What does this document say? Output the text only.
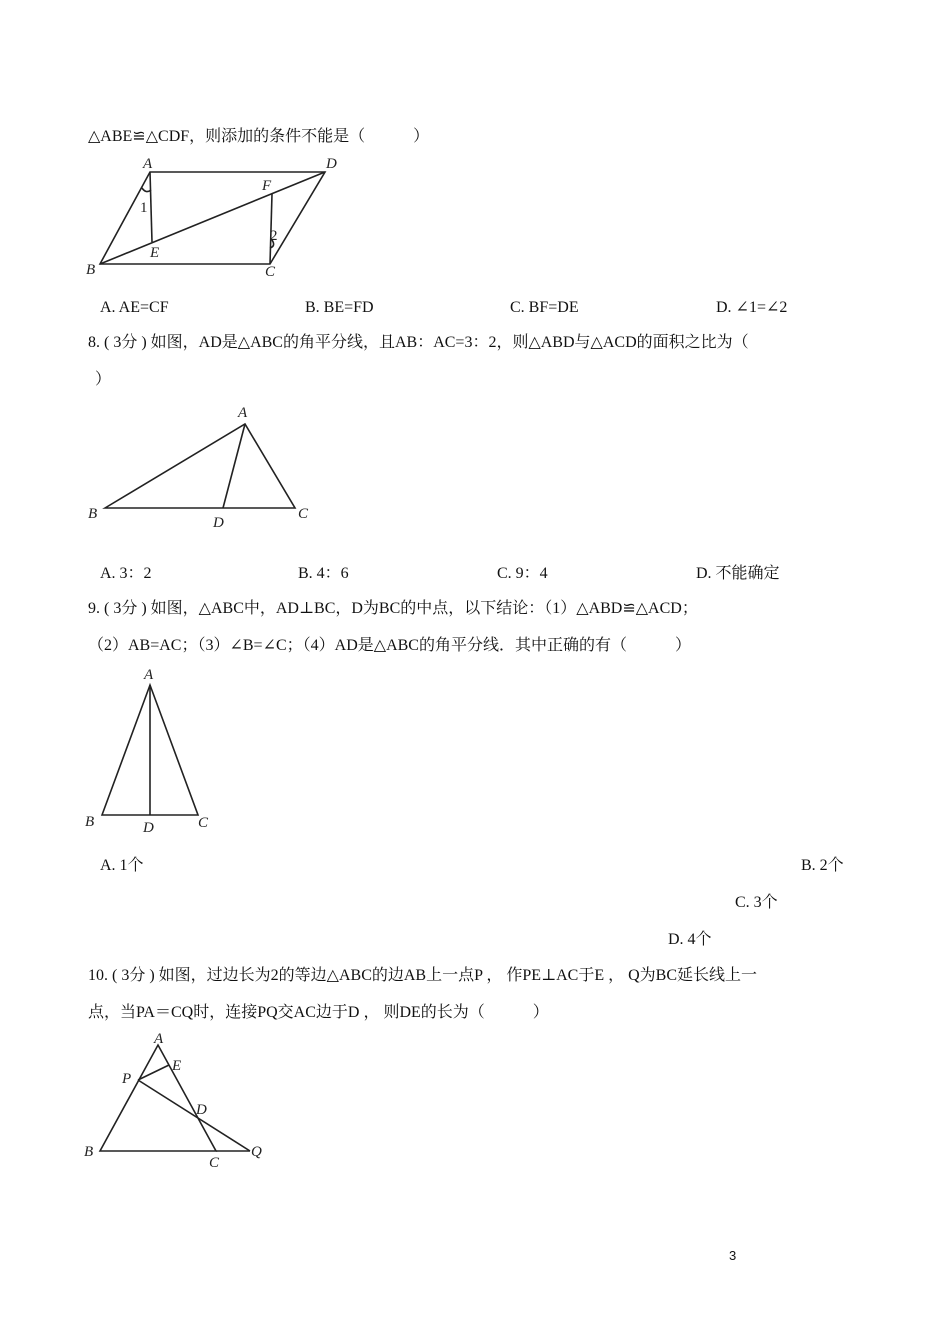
△ABE≌△CDF，则添加的条件不能是（　　　）
A
B	C
D
E
F
1
2
A. AE=CF	B. BE=FD	C. BF=DE	D. ∠1=∠2
8. ( 3分 ) 如图，AD是△ABC的角平分线，且AB：AC=3：2，则△ABD与△ACD的面积之比为（
）
A
B	C
D
A. 3：2	B. 4：6	C. 9：4	D. 不能确定
9. ( 3分 ) 如图，△ABC中，AD⊥BC，D为BC的中点，以下结论：（1）△ABD≌△ACD；
（2）AB=AC；（3）∠B=∠C；（4）AD是△ABC的角平分线．其中正确的有（　　　）
A
B	C
D
A. 1个	B. 2个
C. 3个
D. 4个
10. ( 3分 ) 如图，过边长为2的等边△ABC的边AB上一点P ， 作PE⊥AC于E ， Q为BC延长线上一
点，当PA＝CQ时，连接PQ交AC边于D ， 则DE的长为（　　　）
A
B
C
D
E
P
Q
3
